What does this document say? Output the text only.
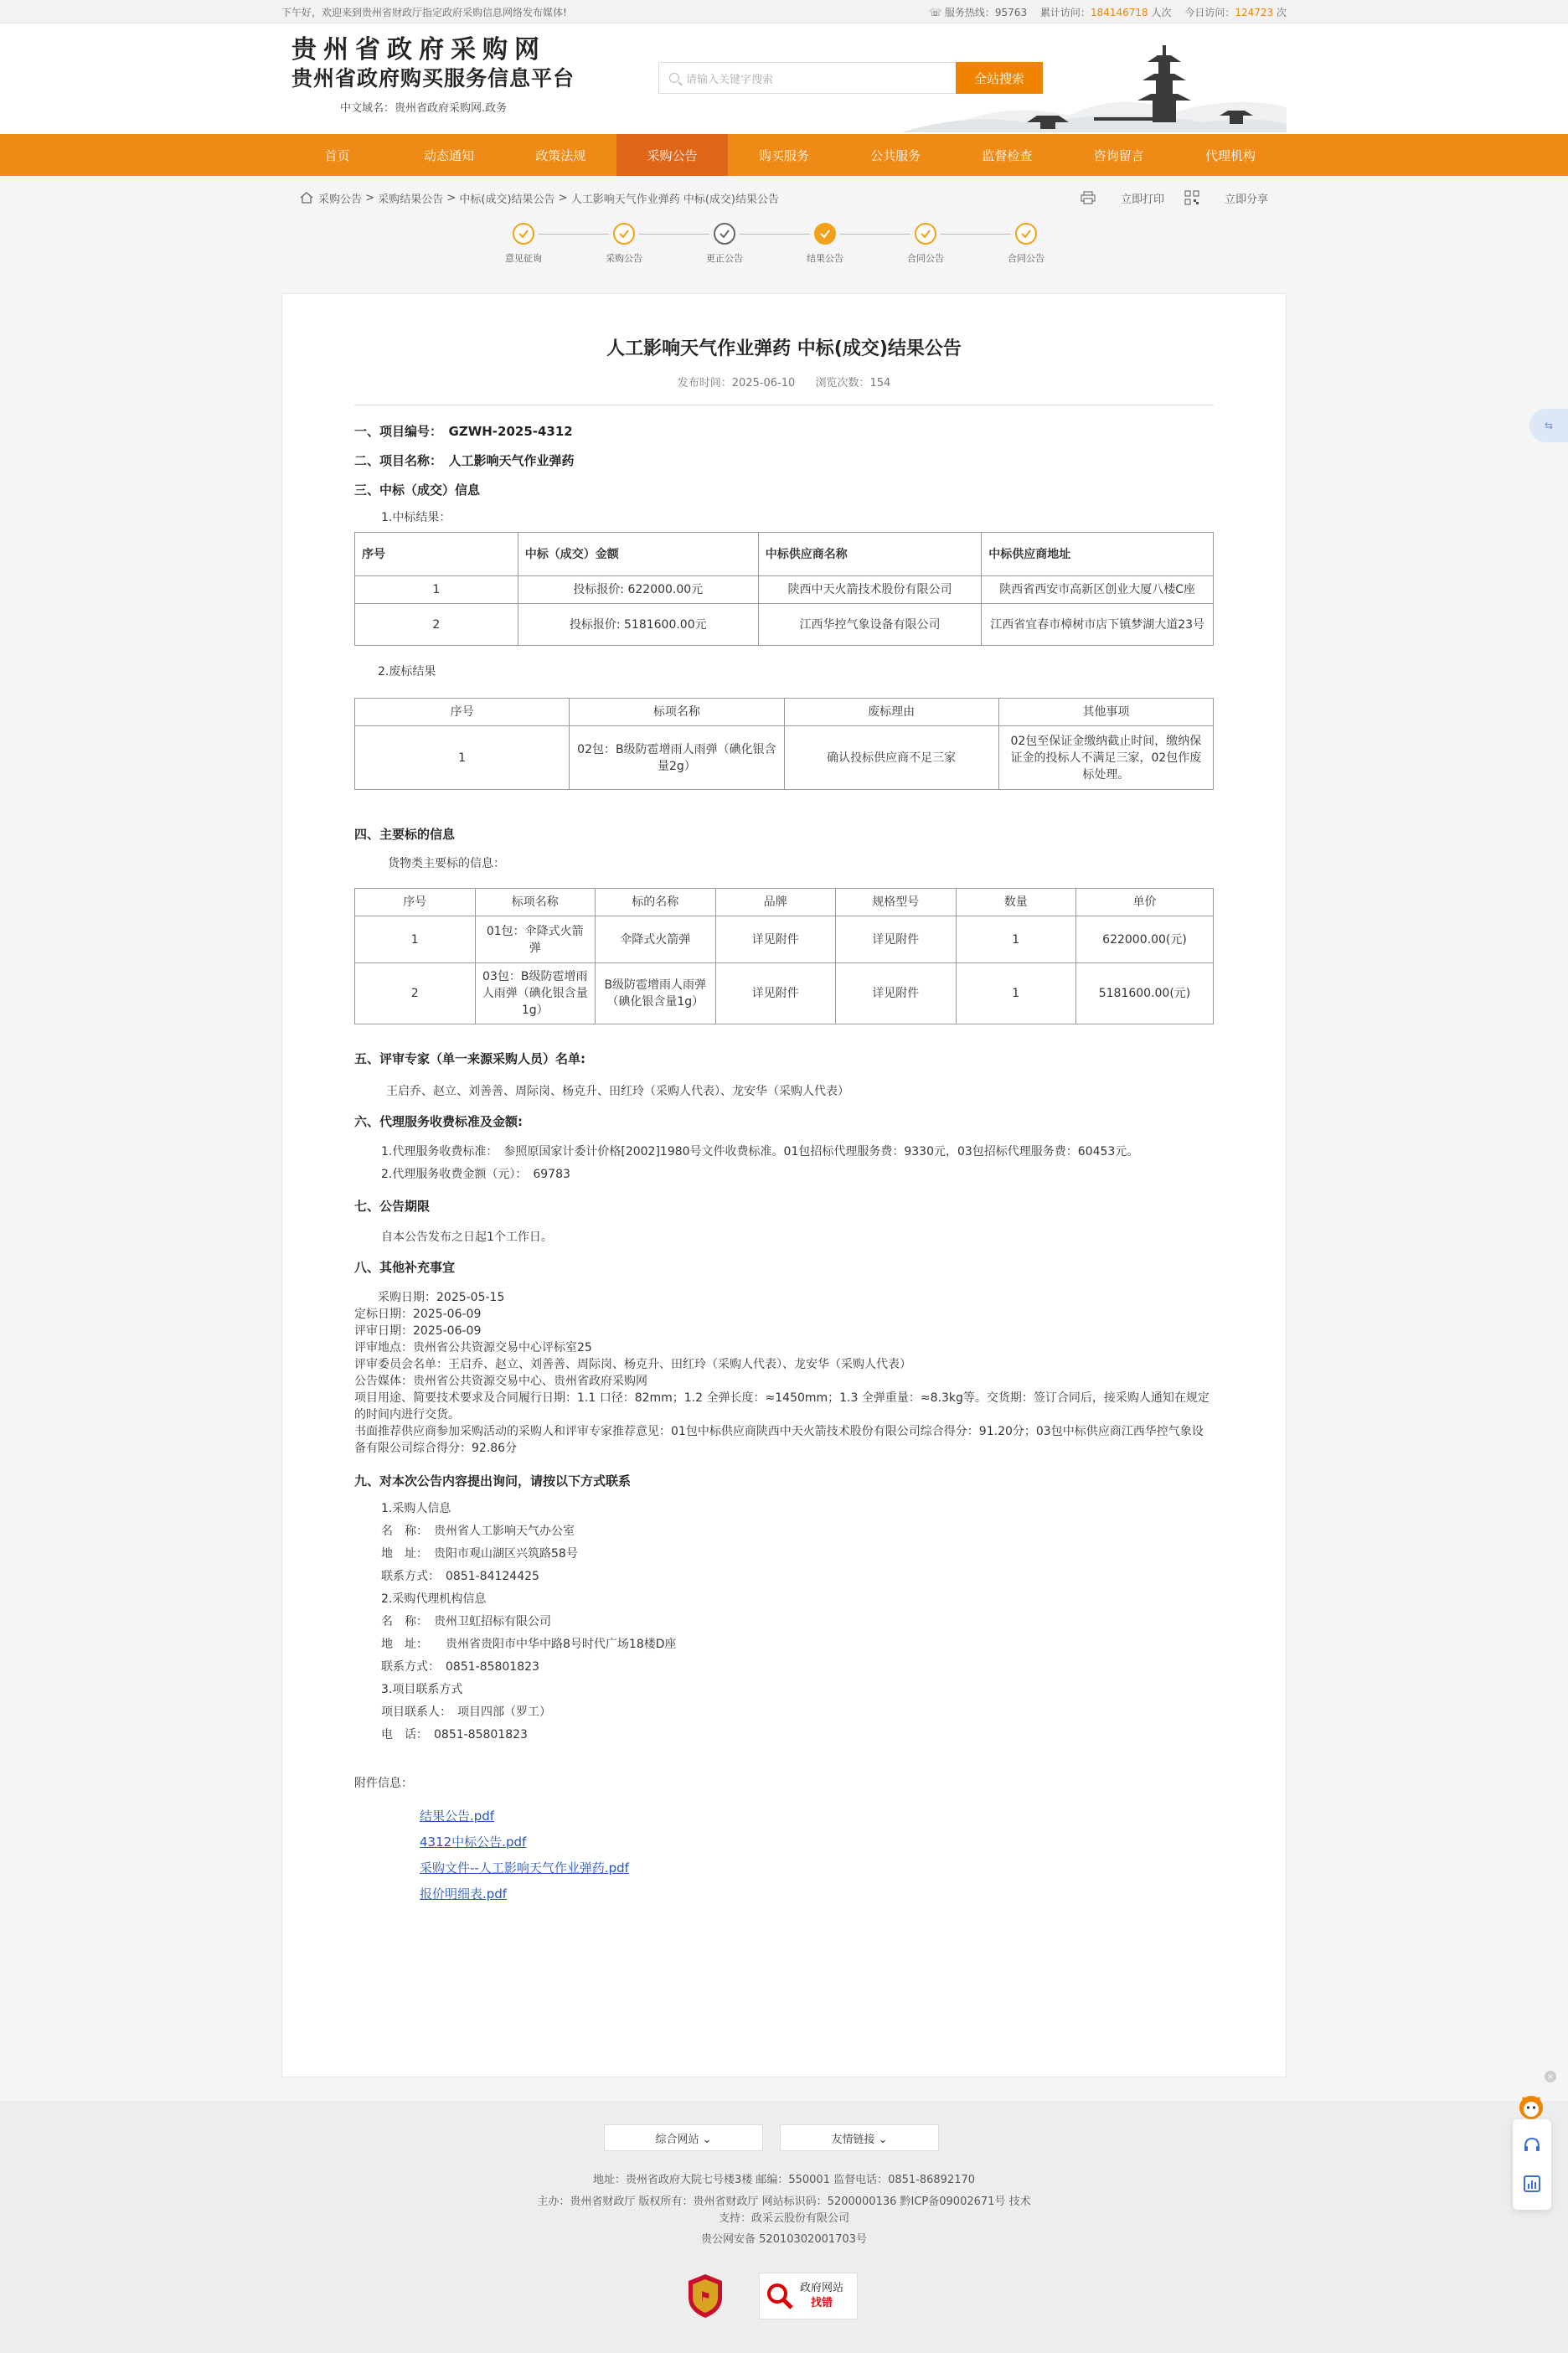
下午好，欢迎来到贵州省财政厅指定政府采购信息网络发布媒体!	☏ 服务热线：95763 累计访问：184146718 人次 今日访问：124723 次
贵州省政府采购网
贵州省政府购买服务信息平台
中文域名：贵州省政府采购网.政务
请输入关键字搜索	全站搜索
首页	动态通知	政策法规	采购公告	购买服务	公共服务	监督检查	咨询留言	代理机构
采购公告 > 采购结果公告 > 中标(成交)结果公告 > 人工影响天气作业弹药 中标(成交)结果公告	立即打印	立即分享
意见征询	采购公告	更正公告	结果公告	合同公告	合同公告
人工影响天气作业弹药 中标(成交)结果公告
发布时间：2025-06-10 浏览次数：154
一、项目编号：　GZWH-2025-4312
二、项目名称：　人工影响天气作业弹药
三、中标（成交）信息
1.中标结果：
序号	中标（成交）金额	中标供应商名称	中标供应商地址
1	投标报价: 622000.00元	陕西中天火箭技术股份有限公司	陕西省西安市高新区创业大厦八楼C座
2	投标报价: 5181600.00元	江西华控气象设备有限公司	江西省宜春市樟树市店下镇梦湖大道23号
2.废标结果
序号	标项名称	废标理由	其他事项
1	02包：B级防雹增雨人雨弹（碘化银含量2g）	确认投标供应商不足三家	02包至保证金缴纳截止时间，缴纳保证金的投标人不满足三家，02包作废标处理。
四、主要标的信息
货物类主要标的信息：
序号	标项名称	标的名称	品牌	规格型号	数量	单价
1	01包：伞降式火箭弹	伞降式火箭弹	详见附件	详见附件	1	622000.00(元)
2	03包：B级防雹增雨人雨弹（碘化银含量1g）	B级防雹增雨人雨弹（碘化银含量1g）	详见附件	详见附件	1	5181600.00(元)
五、评审专家（单一来源采购人员）名单:
王启乔、赵立、刘善善、周际岗、杨克升、田红玲（采购人代表）、龙安华（采购人代表）
六、代理服务收费标准及金额:
1.代理服务收费标准：　参照原国家计委计价格[2002]1980号文件收费标准。01包招标代理服务费：9330元，03包招标代理服务费：60453元。
2.代理服务收费金额（元）：　69783
七、公告期限
自本公告发布之日起1个工作日。
八、其他补充事宜
　　采购日期：2025-05-15
定标日期：2025-06-09
评审日期：2025-06-09
评审地点：贵州省公共资源交易中心评标室25
评审委员会名单：王启乔、赵立、刘善善、周际岗、杨克升、田红玲（采购人代表）、龙安华（采购人代表）
公告媒体：贵州省公共资源交易中心、贵州省政府采购网
项目用途、简要技术要求及合同履行日期：1.1 口径：82mm；1.2 全弹长度：≈1450mm；1.3 全弹重量：≈8.3kg等。交货期：签订合同后，接采购人通知在规定的时间内进行交货。
书面推荐供应商参加采购活动的采购人和评审专家推荐意见：01包中标供应商陕西中天火箭技术股份有限公司综合得分：91.20分；03包中标供应商江西华控气象设备有限公司综合得分：92.86分
九、对本次公告内容提出询问，请按以下方式联系
1.采购人信息
名　称：　贵州省人工影响天气办公室
地　址：　贵阳市观山湖区兴筑路58号
联系方式：　0851-84124425
2.采购代理机构信息
名　称：　贵州卫虹招标有限公司
地　址：　　贵州省贵阳市中华中路8号时代广场18楼D座
联系方式：　0851-85801823
3.项目联系方式
项目联系人：　项目四部（罗工）
电　话：　0851-85801823
附件信息：
结果公告.pdf
4312中标公告.pdf
采购文件--人工影响天气作业弹药.pdf
报价明细表.pdf
综合网站 ⌄	友情链接 ⌄
地址：贵州省政府大院七号楼3楼 邮编：550001 监督电话：0851-86892170
主办：贵州省财政厅 版权所有：贵州省财政厅 网站标识码：5200000136 黔ICP备09002671号 技术支持：政采云股份有限公司
贵公网安备 52010302001703号
⚑
政府网站
找错
⇆
×
